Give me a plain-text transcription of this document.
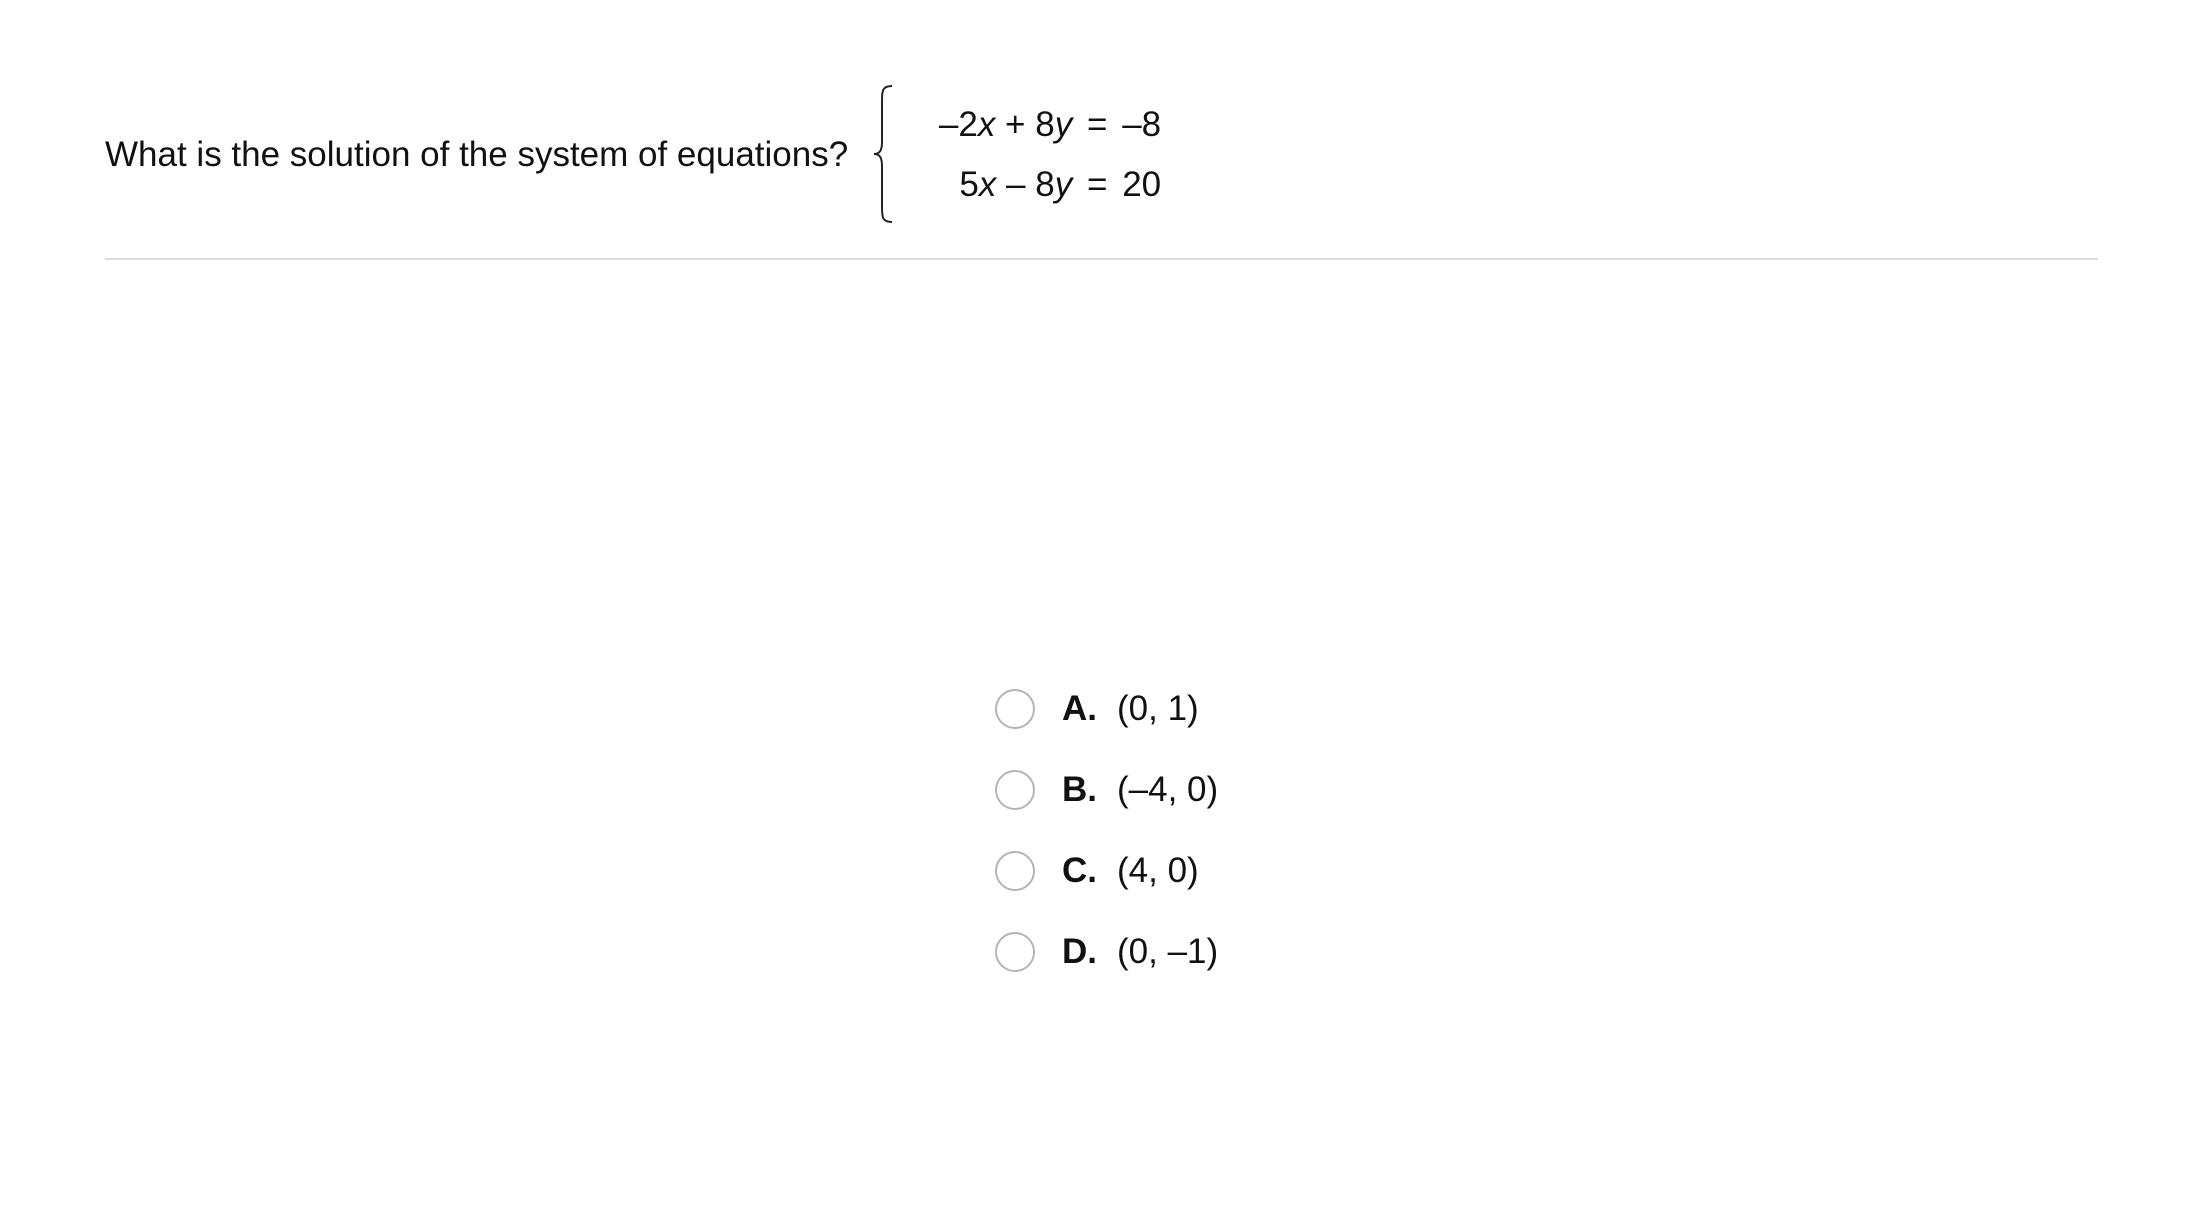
What is the solution of the system of equations?
–2x + 8y = –8
5x – 8y = 20
A. (0, 1)
B. (–4, 0)
C. (4, 0)
D. (0, –1)
